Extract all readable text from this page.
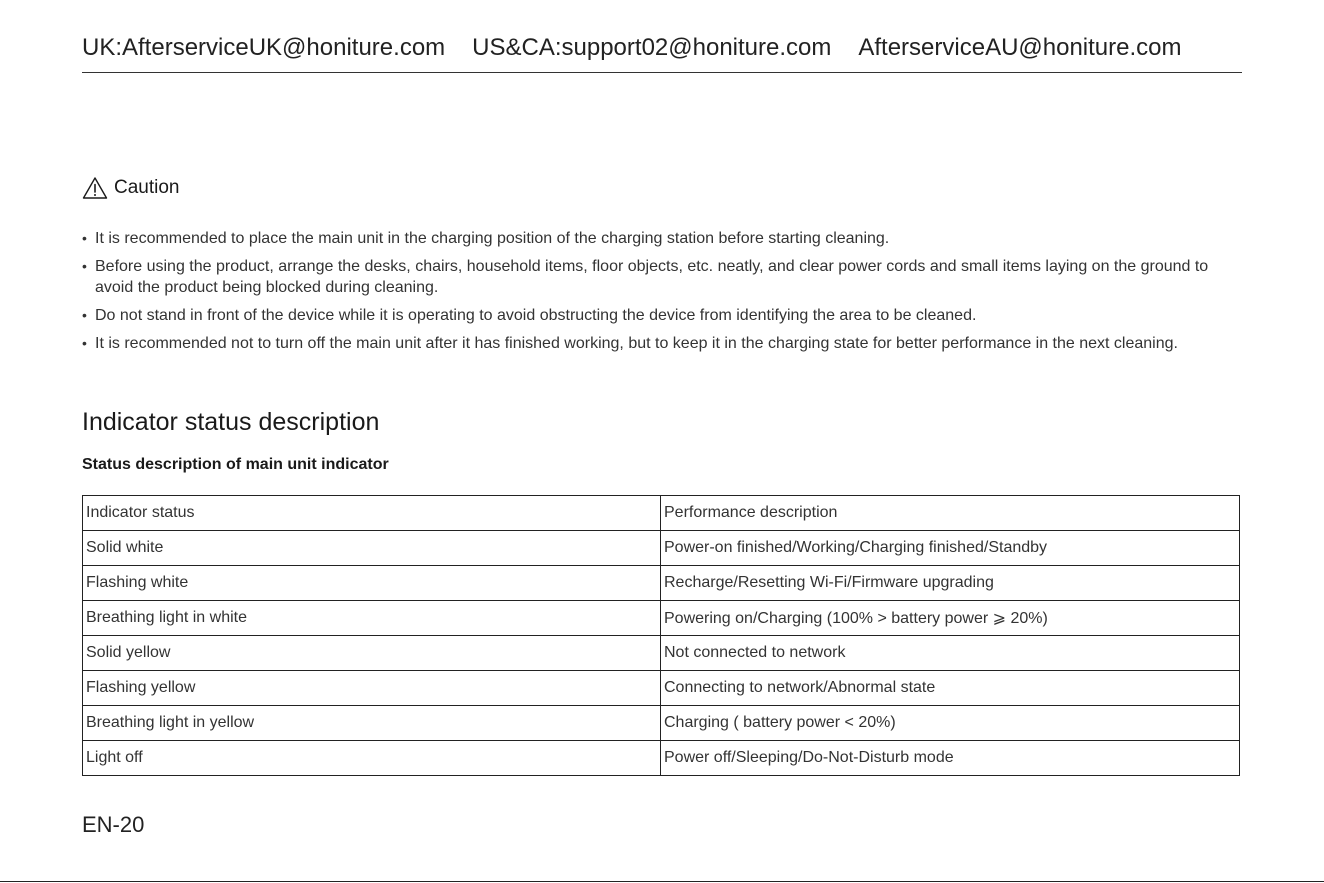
UK:AfterserviceUK@honiture.com US&CA:support02@honiture.com AfterserviceAU@honiture.com
Caution
• It is recommended to place the main unit in the charging position of the charging station before starting cleaning.
• Before using the product, arrange the desks, chairs, household items, floor objects, etc. neatly, and clear power cords and small items laying on the ground to avoid the product being blocked during cleaning.
• Do not stand in front of the device while it is operating to avoid obstructing the device from identifying the area to be cleaned.
• It is recommended not to turn off the main unit after it has finished working, but to keep it in the charging state for better performance in the next cleaning.
Indicator status description
Status description of main unit indicator
Indicator status	Performance description
Solid white	Power-on finished/Working/Charging finished/Standby
Flashing white	Recharge/Resetting Wi-Fi/Firmware upgrading
Breathing light in white	Powering on/Charging (100% > battery power ⩾ 20%)
Solid yellow	Not connected to network
Flashing yellow	Connecting to network/Abnormal state
Breathing light in yellow	Charging ( battery power < 20%)
Light off	Power off/Sleeping/Do-Not-Disturb mode
EN-20
